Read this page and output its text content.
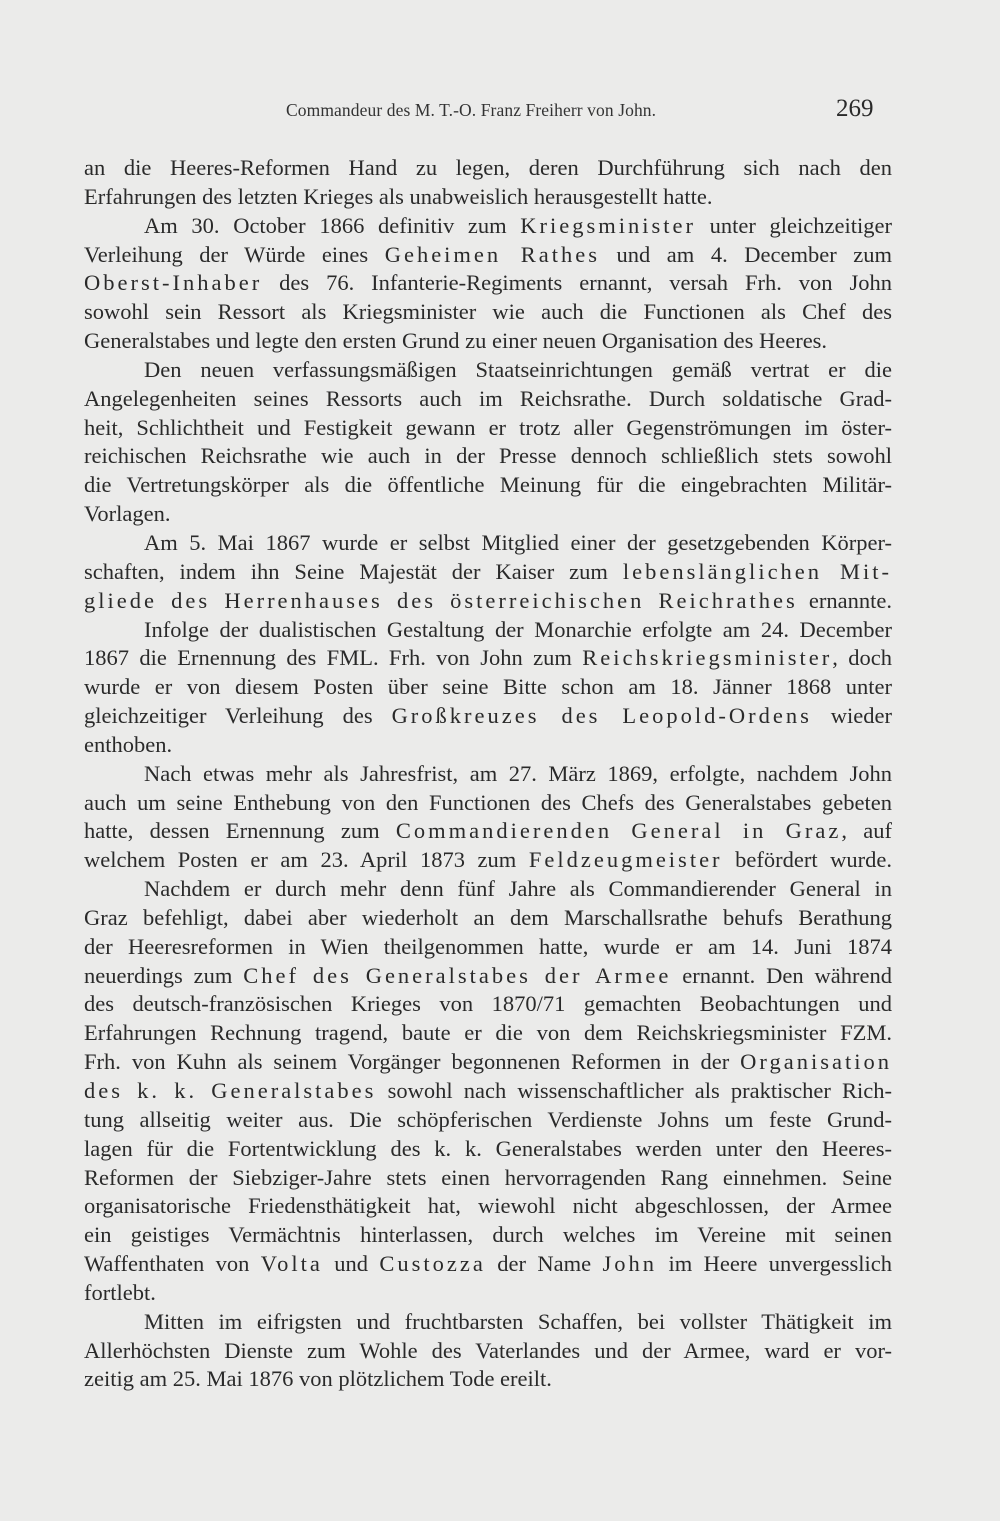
Commandeur des M. T.-O. Franz Freiherr von John.	269
an die Heeres-Reformen Hand zu legen, deren Durchführung sich nach den
Erfahrungen des letzten Krieges als unabweislich herausgestellt hatte.
Am 30. October 1866 definitiv zum Kriegsminister unter gleichzeitiger
Verleihung der Würde eines Geheimen Rathes und am 4. December zum
Oberst-Inhaber des 76. Infanterie-Regiments ernannt, versah Frh. von John
sowohl sein Ressort als Kriegsminister wie auch die Functionen als Chef des
Generalstabes und legte den ersten Grund zu einer neuen Organisation des Heeres.
Den neuen verfassungsmäßigen Staatseinrichtungen gemäß vertrat er die
Angelegenheiten seines Ressorts auch im Reichsrathe. Durch soldatische Grad-
heit, Schlichtheit und Festigkeit gewann er trotz aller Gegenströmungen im öster-
reichischen Reichsrathe wie auch in der Presse dennoch schließlich stets sowohl
die Vertretungskörper als die öffentliche Meinung für die eingebrachten Militär-
Vorlagen.
Am 5. Mai 1867 wurde er selbst Mitglied einer der gesetzgebenden Körper-
schaften, indem ihn Seine Majestät der Kaiser zum lebenslänglichen Mit-
gliede des Herrenhauses des österreichischen Reichrathes ernannte.
Infolge der dualistischen Gestaltung der Monarchie erfolgte am 24. December
1867 die Ernennung des FML. Frh. von John zum Reichskriegsminister, doch
wurde er von diesem Posten über seine Bitte schon am 18. Jänner 1868 unter
gleichzeitiger Verleihung des Großkreuzes des Leopold-Ordens wieder
enthoben.
Nach etwas mehr als Jahresfrist, am 27. März 1869, erfolgte, nachdem John
auch um seine Enthebung von den Functionen des Chefs des Generalstabes gebeten
hatte, dessen Ernennung zum Commandierenden General in Graz, auf
welchem Posten er am 23. April 1873 zum Feldzeugmeister befördert wurde.
Nachdem er durch mehr denn fünf Jahre als Commandierender General in
Graz befehligt, dabei aber wiederholt an dem Marschallsrathe behufs Berathung
der Heeresreformen in Wien theilgenommen hatte, wurde er am 14. Juni 1874
neuerdings zum Chef des Generalstabes der Armee ernannt. Den während
des deutsch-französischen Krieges von 1870/71 gemachten Beobachtungen und
Erfahrungen Rechnung tragend, baute er die von dem Reichskriegsminister FZM.
Frh. von Kuhn als seinem Vorgänger begonnenen Reformen in der Organisation
des k. k. Generalstabes sowohl nach wissenschaftlicher als praktischer Rich-
tung allseitig weiter aus. Die schöpferischen Verdienste Johns um feste Grund-
lagen für die Fortentwicklung des k. k. Generalstabes werden unter den Heeres-
Reformen der Siebziger-Jahre stets einen hervorragenden Rang einnehmen. Seine
organisatorische Friedensthätigkeit hat, wiewohl nicht abgeschlossen, der Armee
ein geistiges Vermächtnis hinterlassen, durch welches im Vereine mit seinen
Waffenthaten von Volta und Custozza der Name John im Heere unvergesslich
fortlebt.
Mitten im eifrigsten und fruchtbarsten Schaffen, bei vollster Thätigkeit im
Allerhöchsten Dienste zum Wohle des Vaterlandes und der Armee, ward er vor-
zeitig am 25. Mai 1876 von plötzlichem Tode ereilt.
